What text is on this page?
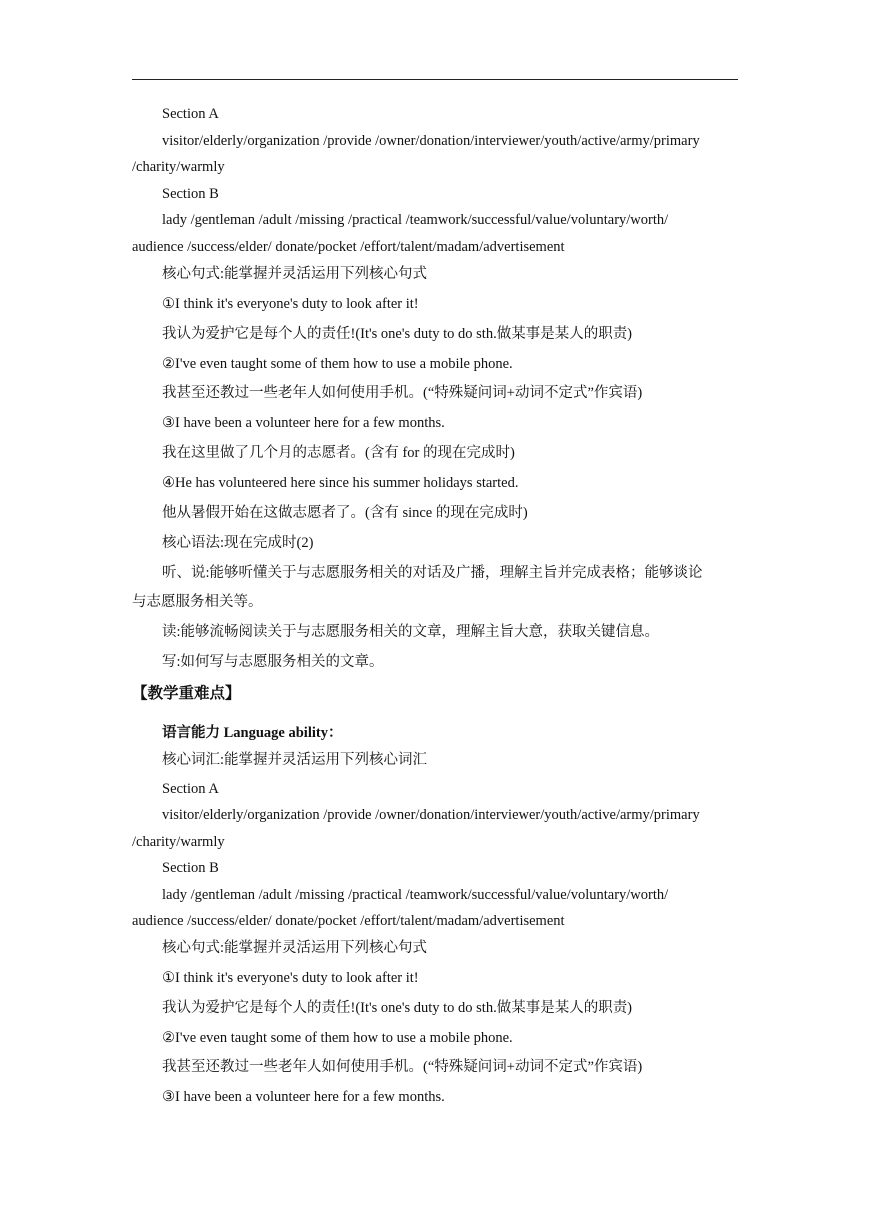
Section A
visitor/elderly/organization /provide /owner/donation/interviewer/youth/active/army/primary
/charity/warmly
Section B
lady /gentleman /adult /missing /practical /teamwork/successful/value/voluntary/worth/
audience /success/elder/ donate/pocket /effort/talent/madam/advertisement
核心句式:能掌握并灵活运用下列核心句式
①I think it's everyone's duty to look after it!
我认为爱护它是每个人的责任!(It's one's duty to do sth.做某事是某人的职责)
②I've even taught some of them how to use a mobile phone.
我甚至还教过一些老年人如何使用手机。(“特殊疑问词+动词不定式”作宾语)
③I have been a volunteer here for a few months.
我在这里做了几个月的志愿者。(含有 for 的现在完成时)
④He has volunteered here since his summer holidays started.
他从暑假开始在这做志愿者了。(含有 since 的现在完成时)
核心语法:现在完成时(2)
听、说:能够听懂关于与志愿服务相关的对话及广播，理解主旨并完成表格；能够谈论
与志愿服务相关等。
读:能够流畅阅读关于与志愿服务相关的文章，理解主旨大意，获取关键信息。
写:如何写与志愿服务相关的文章。
【教学重难点】
语言能力 Language ability：
核心词汇:能掌握并灵活运用下列核心词汇
Section A
visitor/elderly/organization /provide /owner/donation/interviewer/youth/active/army/primary
/charity/warmly
Section B
lady /gentleman /adult /missing /practical /teamwork/successful/value/voluntary/worth/
audience /success/elder/ donate/pocket /effort/talent/madam/advertisement
核心句式:能掌握并灵活运用下列核心句式
①I think it's everyone's duty to look after it!
我认为爱护它是每个人的责任!(It's one's duty to do sth.做某事是某人的职责)
②I've even taught some of them how to use a mobile phone.
我甚至还教过一些老年人如何使用手机。(“特殊疑问词+动词不定式”作宾语)
③I have been a volunteer here for a few months.
